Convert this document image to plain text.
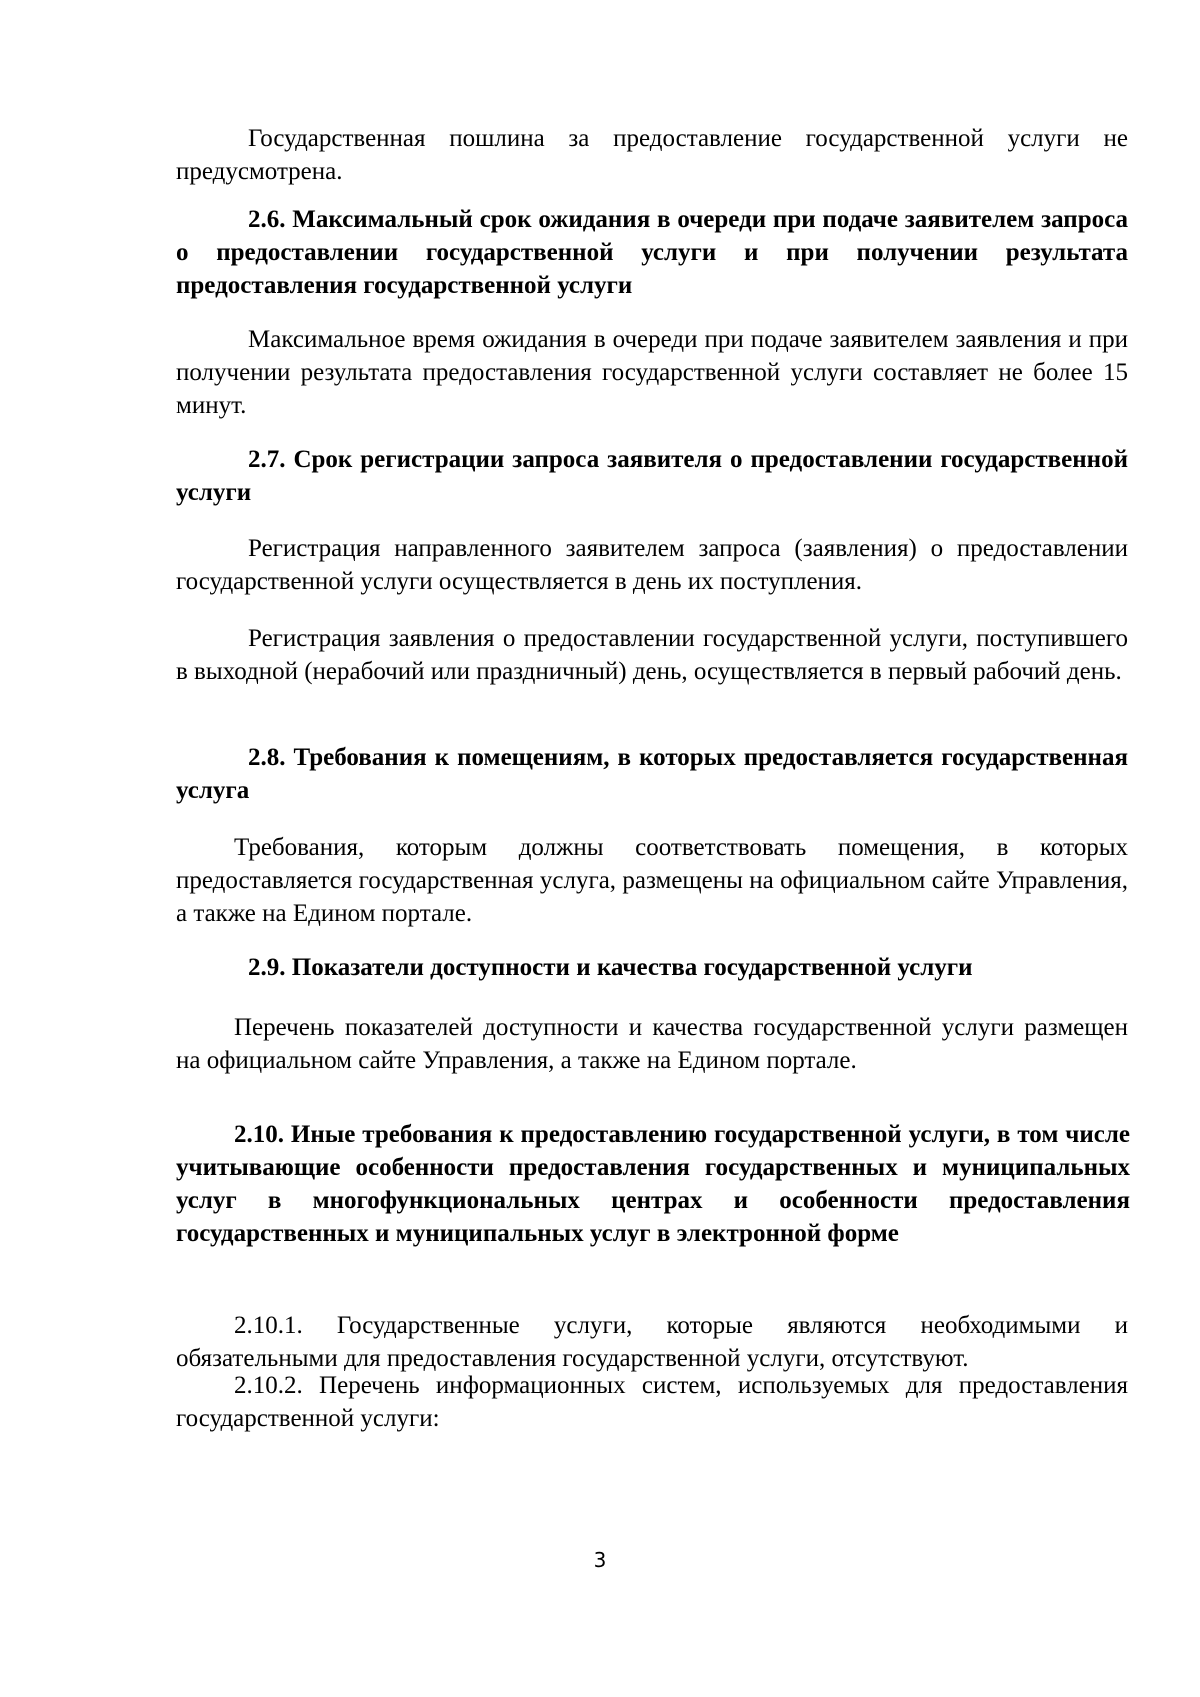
Государственная пошлина за предоставление государственной услуги не предусмотрена.

2.6. Максимальный срок ожидания в очереди при подаче заявителем запроса о предоставлении государственной услуги и при получении результата предоставления государственной услуги

Максимальное время ожидания в очереди при подаче заявителем заявления и при получении результата предоставления государственной услуги составляет не более 15 минут.

2.7. Срок регистрации запроса заявителя о предоставлении государственной услуги

Регистрация направленного заявителем запроса (заявления) о предоставлении государственной услуги осуществляется в день их поступления.

Регистрация заявления о предоставлении государственной услуги, поступившего в выходной (нерабочий или праздничный) день, осуществляется в первый рабочий день.

2.8. Требования к помещениям, в которых предоставляется государственная услуга

Требования, которым должны соответствовать помещения, в которых предоставляется государственная услуга, размещены на официальном сайте Управления, а также на Едином портале.

2.9. Показатели доступности и качества государственной услуги

Перечень показателей доступности и качества государственной услуги размещен на официальном сайте Управления, а также на Едином портале.

2.10. Иные требования к предоставлению государственной услуги, в том числе учитывающие особенности предоставления государственных и муниципальных услуг в многофункциональных центрах и особенности предоставления государственных и муниципальных услуг в электронной форме

2.10.1. Государственные услуги, которые являются необходимыми и обязательными для предоставления государственной услуги, отсутствуют.

2.10.2. Перечень информационных систем, используемых для предоставления государственной услуги:

3
